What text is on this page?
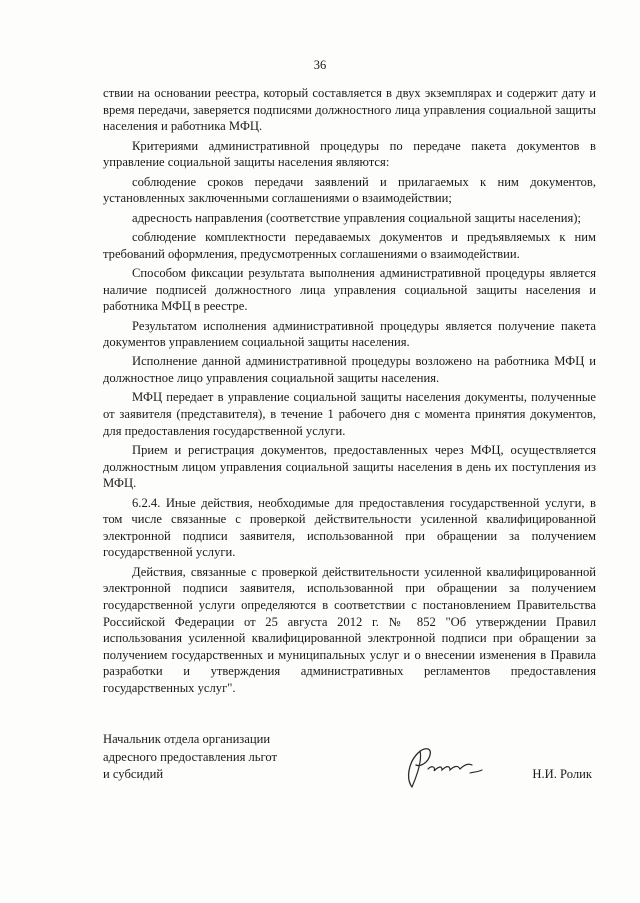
36

ствии на основании реестра, который составляется в двух экземплярах и содержит дату и время передачи, заверяется подписями должностного лица управления социальной защиты населения и работника МФЦ.

Критериями административной процедуры по передаче пакета документов в управление социальной защиты населения являются:

соблюдение сроков передачи заявлений и прилагаемых к ним документов, установленных заключенными соглашениями о взаимодействии;

адресность направления (соответствие управления социальной защиты населения);

соблюдение комплектности передаваемых документов и предъявляемых к ним требований оформления, предусмотренных соглашениями о взаимодействии.

Способом фиксации результата выполнения административной процедуры является наличие подписей должностного лица управления социальной защиты населения и работника МФЦ в реестре.

Результатом исполнения административной процедуры является получение пакета документов управлением социальной защиты населения.

Исполнение данной административной процедуры возложено на работника МФЦ и должностное лицо управления социальной защиты населения.

МФЦ передает в управление социальной защиты населения документы, полученные от заявителя (представителя), в течение 1 рабочего дня с момента принятия документов, для предоставления государственной услуги.

Прием и регистрация документов, предоставленных через МФЦ, осуществляется должностным лицом управления социальной защиты населения в день их поступления из МФЦ.

6.2.4. Иные действия, необходимые для предоставления государственной услуги, в том числе связанные с проверкой действительности усиленной квалифицированной электронной подписи заявителя, использованной при обращении за получением государственной услуги.

Действия, связанные с проверкой действительности усиленной квалифицированной электронной подписи заявителя, использованной при обращении за получением государственной услуги определяются в соответствии с постановлением Правительства Российской Федерации от 25 августа 2012 г. № 852 "Об утверждении Правил использования усиленной квалифицированной электронной подписи при обращении за получением государственных и муниципальных услуг и о внесении изменения в Правила разработки и утверждения административных регламентов предоставления государственных услуг".

Начальник отдела организации
адресного предоставления льгот
и субсидий	Н.И. Ролик
